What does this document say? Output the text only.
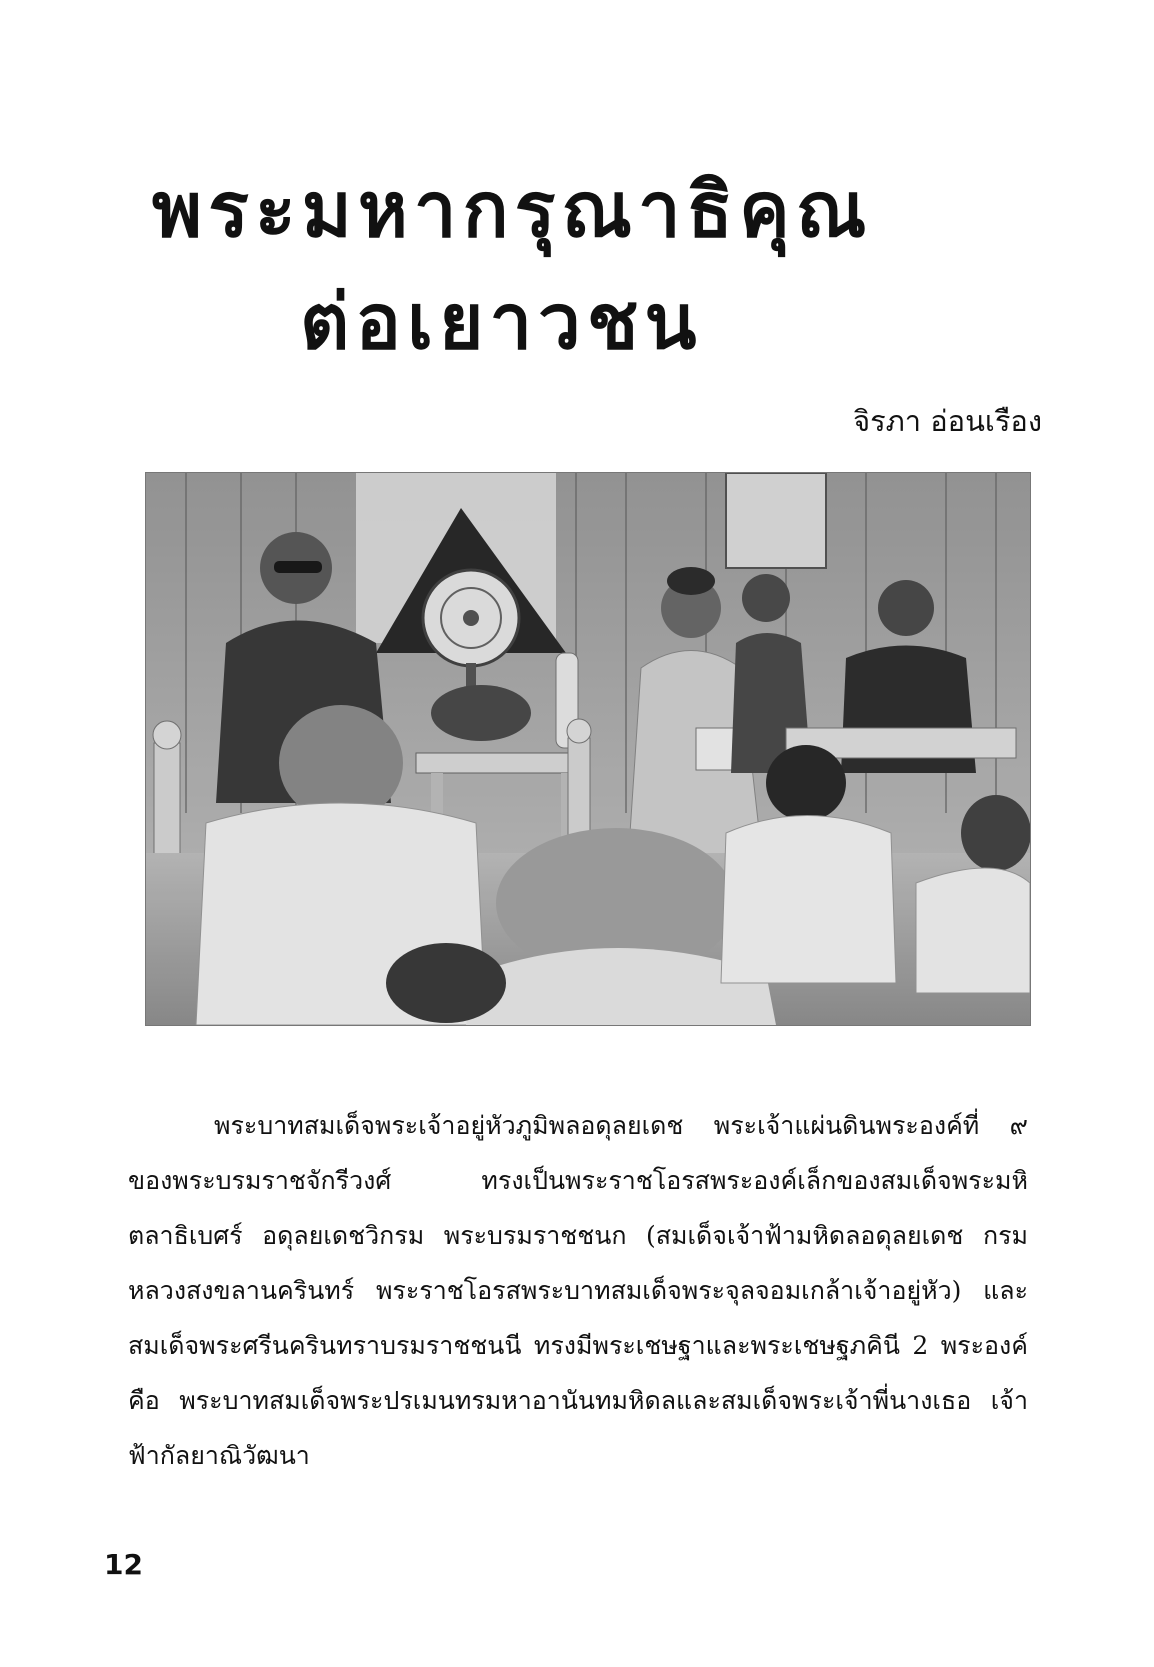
พระมหากรุณาธิคุณ
ต่อเยาวชน
จิรภา อ่อนเรือง

พระบาทสมเด็จพระเจ้าอยู่หัวภูมิพลอดุลยเดช พระเจ้าแผ่นดินพระองค์ที่ ๙ ของพระบรมราชจักรีวงศ์ ทรงเป็นพระราชโอรสพระองค์เล็กของสมเด็จพระมหิตลาธิเบศร์ อดุลยเดชวิกรม พระบรมราชชนก (สมเด็จเจ้าฟ้ามหิดลอดุลยเดช กรมหลวงสงขลานครินทร์ พระราชโอรสพระบาทสมเด็จพระจุลจอมเกล้าเจ้าอยู่หัว) และสมเด็จพระศรีนครินทราบรมราชชนนี ทรงมีพระเชษฐาและพระเชษฐภคินี 2 พระองค์ คือ พระบาทสมเด็จพระปรเมนทรมหาอานันทมหิดลและสมเด็จพระเจ้าพี่นางเธอ เจ้าฟ้ากัลยาณิวัฒนา

12
